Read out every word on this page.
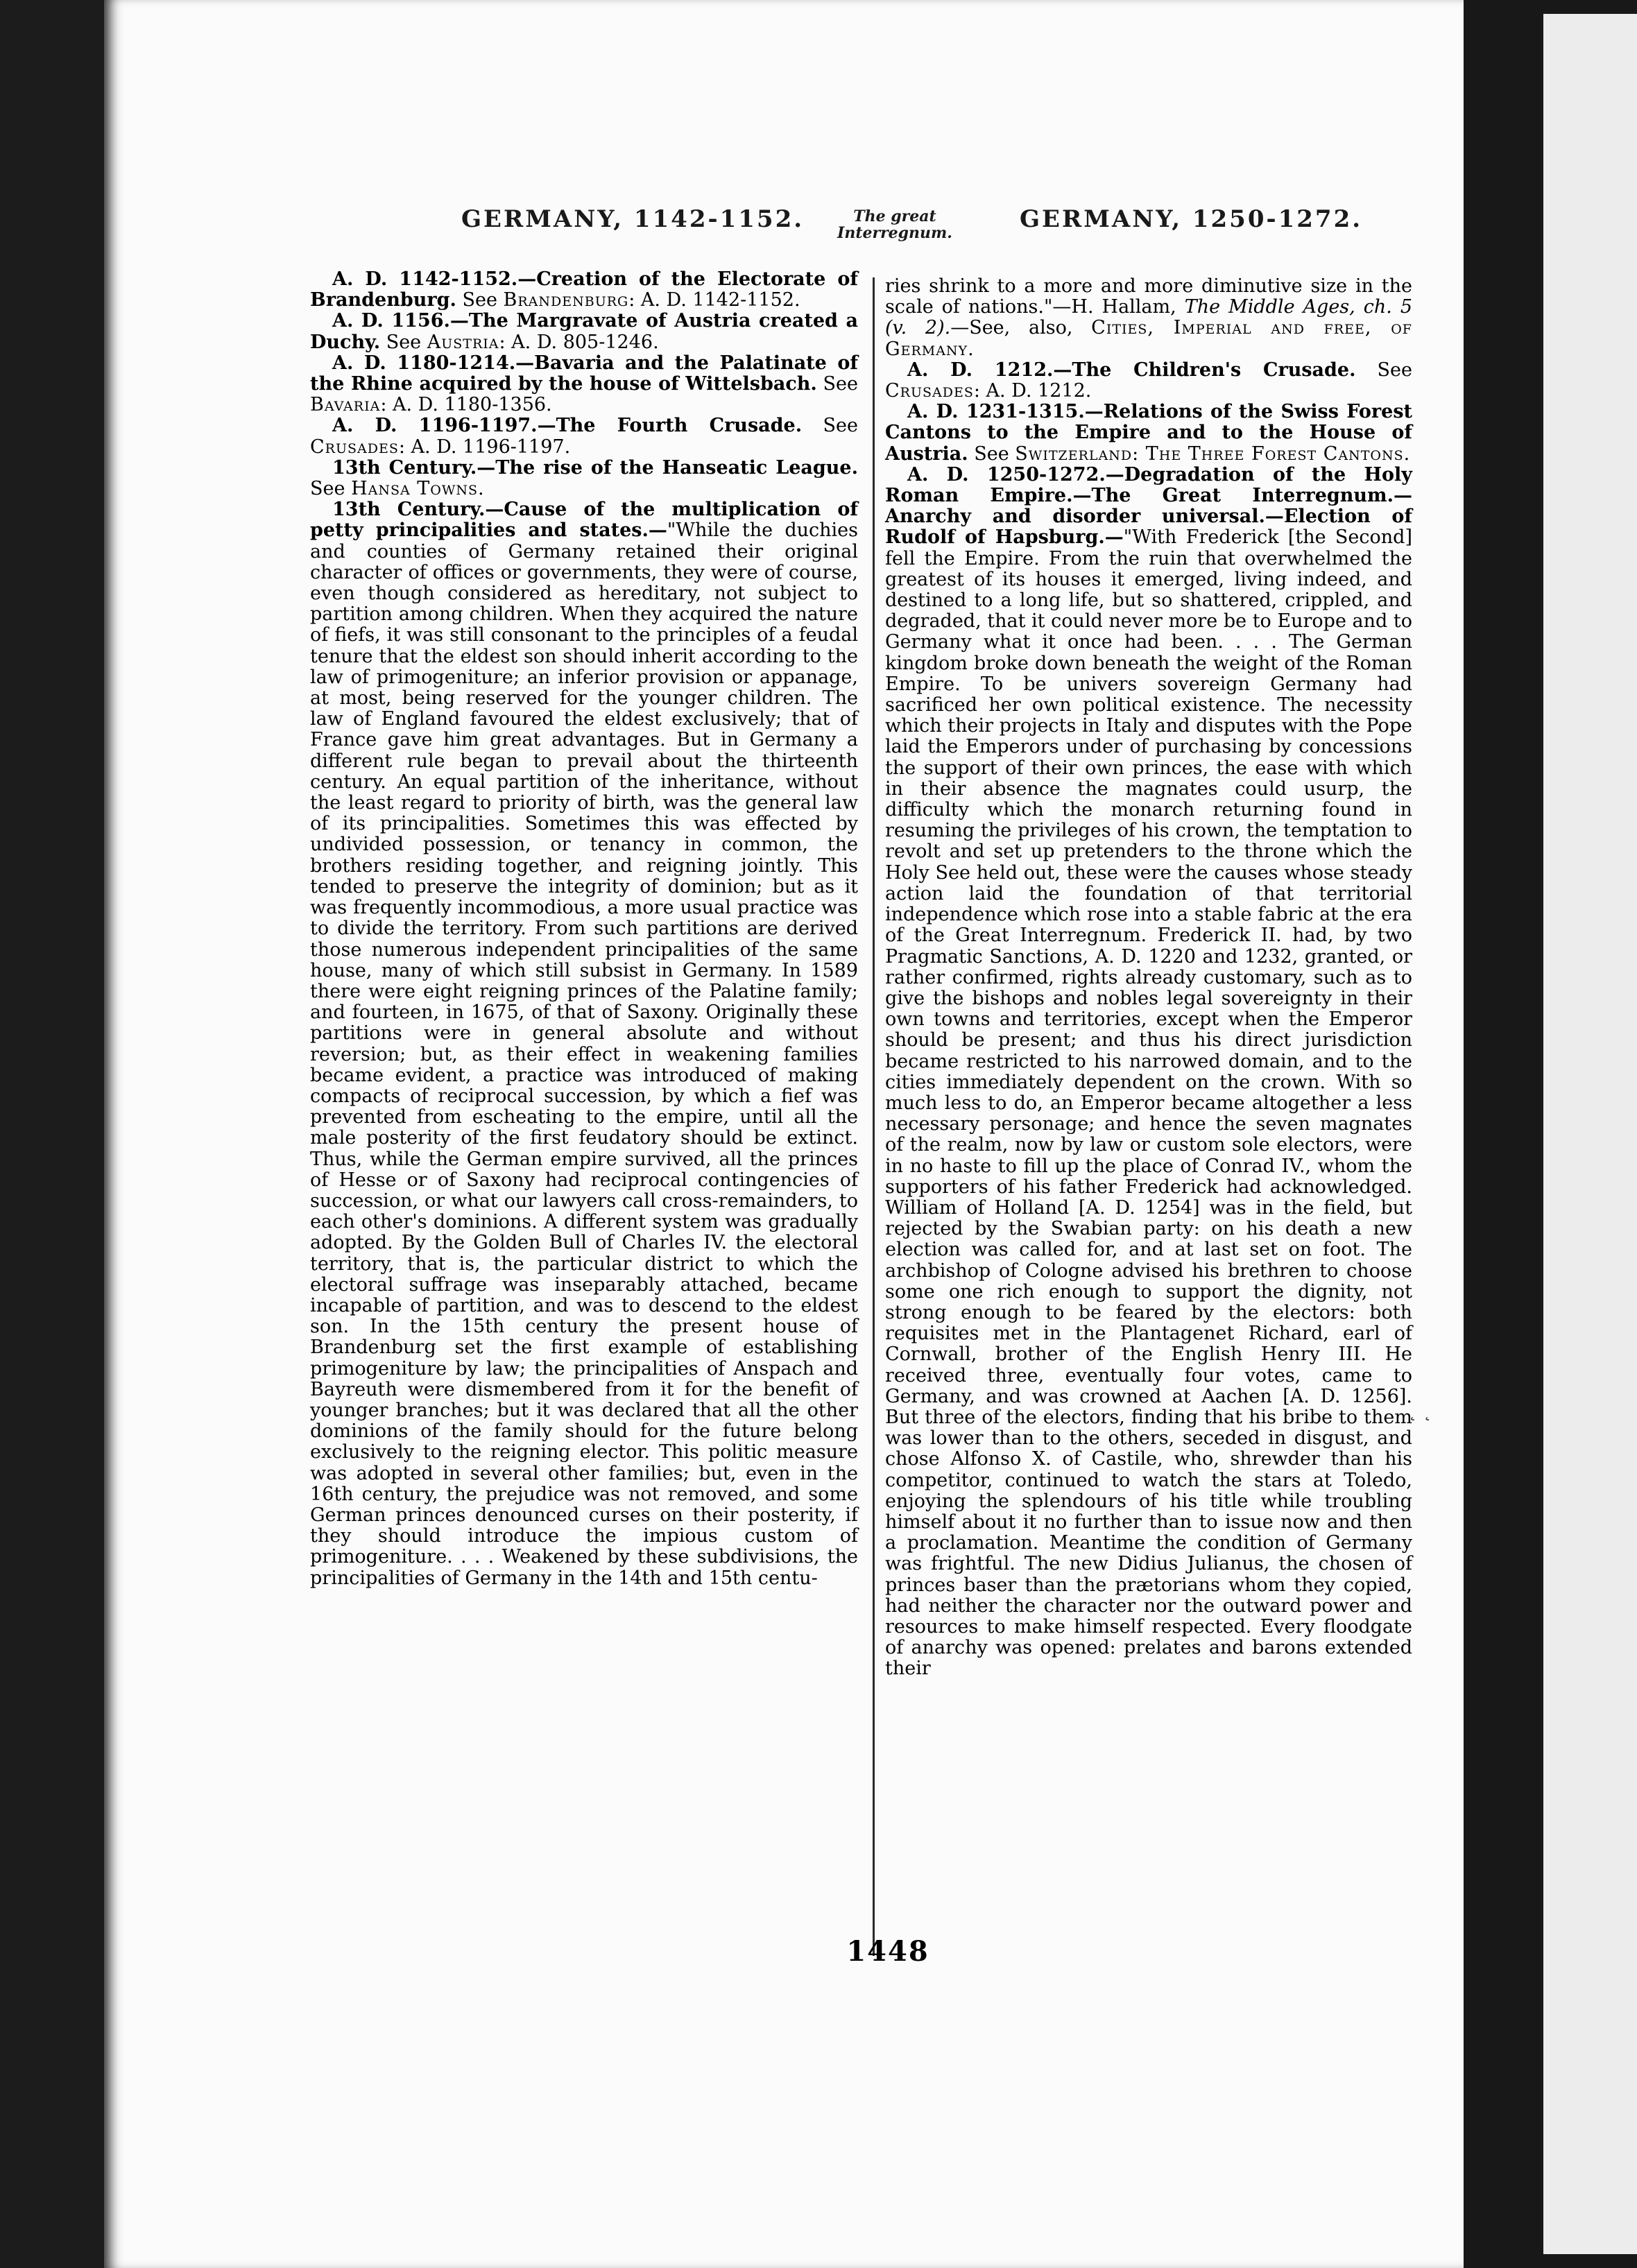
GERMANY, 1142-1152.	The great
Interregnum.	GERMANY, 1250-1272.

A. D. 1142-1152.—Creation of the Electorate of Brandenburg. See Brandenburg: A. D. 1142-1152.

A. D. 1156.—The Margravate of Austria created a Duchy. See Austria: A. D. 805-1246.

A. D. 1180-1214.—Bavaria and the Palatinate of the Rhine acquired by the house of Wittelsbach. See Bavaria: A. D. 1180-1356.

A. D. 1196-1197.—The Fourth Crusade. See Crusades: A. D. 1196-1197.

13th Century.—The rise of the Hanseatic League. See Hansa Towns.

13th Century.—Cause of the multiplication of petty principalities and states.—"While the duchies and counties of Germany retained their original character of offices or governments, they were of course, even though considered as hereditary, not subject to partition among children. When they acquired the nature of fiefs, it was still consonant to the principles of a feudal tenure that the eldest son should inherit according to the law of primogeniture; an inferior provision or appanage, at most, being reserved for the younger children. The law of England favoured the eldest exclusively; that of France gave him great advantages. But in Germany a different rule began to prevail about the thirteenth century. An equal partition of the inheritance, without the least regard to priority of birth, was the general law of its principalities. Sometimes this was effected by undivided possession, or tenancy in common, the brothers residing together, and reigning jointly. This tended to preserve the integrity of dominion; but as it was frequently incommodious, a more usual practice was to divide the territory. From such partitions are derived those numerous independent principalities of the same house, many of which still subsist in Germany. In 1589 there were eight reigning princes of the Palatine family; and fourteen, in 1675, of that of Saxony. Originally these partitions were in general absolute and without reversion; but, as their effect in weakening families became evident, a practice was introduced of making compacts of reciprocal succession, by which a fief was prevented from escheating to the empire, until all the male posterity of the first feudatory should be extinct. Thus, while the German empire survived, all the princes of Hesse or of Saxony had reciprocal contingencies of succession, or what our lawyers call cross-remainders, to each other's dominions. A different system was gradually adopted. By the Golden Bull of Charles IV. the electoral territory, that is, the particular district to which the electoral suffrage was inseparably attached, became incapable of partition, and was to descend to the eldest son. In the 15th century the present house of Brandenburg set the first example of establishing primogeniture by law; the principalities of Anspach and Bayreuth were dismembered from it for the benefit of younger branches; but it was declared that all the other dominions of the family should for the future belong exclusively to the reigning elector. This politic measure was adopted in several other families; but, even in the 16th century, the prejudice was not removed, and some German princes denounced curses on their posterity, if they should introduce the impious custom of primogeniture. . . . Weakened by these subdivisions, the principalities of Germany in the 14th and 15th centu-

ries shrink to a more and more diminutive size in the scale of nations."—H. Hallam, The Middle Ages, ch. 5 (v. 2).—See, also, Cities, Imperial and free, of Germany.

A. D. 1212.—The Children's Crusade. See Crusades: A. D. 1212.

A. D. 1231-1315.—Relations of the Swiss Forest Cantons to the Empire and to the House of Austria. See Switzerland: The Three Forest Cantons.

A. D. 1250-1272.—Degradation of the Holy Roman Empire.—The Great Interregnum.—Anarchy and disorder universal.—Election of Rudolf of Hapsburg.—"With Frederick [the Second] fell the Empire. From the ruin that overwhelmed the greatest of its houses it emerged, living indeed, and destined to a long life, but so shattered, crippled, and degraded, that it could never more be to Europe and to Germany what it once had been. . . . The German kingdom broke down beneath the weight of the Roman Empire. To be univers sovereign Germany had sacrificed her own political existence. The necessity which their projects in Italy and disputes with the Pope laid the Emperors under of purchasing by concessions the support of their own princes, the ease with which in their absence the magnates could usurp, the difficulty which the monarch returning found in resuming the privileges of his crown, the temptation to revolt and set up pretenders to the throne which the Holy See held out, these were the causes whose steady action laid the foundation of that territorial independence which rose into a stable fabric at the era of the Great Interregnum. Frederick II. had, by two Pragmatic Sanctions, A. D. 1220 and 1232, granted, or rather confirmed, rights already customary, such as to give the bishops and nobles legal sovereignty in their own towns and territories, except when the Emperor should be present; and thus his direct jurisdiction became restricted to his narrowed domain, and to the cities immediately dependent on the crown. With so much less to do, an Emperor became altogether a less necessary personage; and hence the seven magnates of the realm, now by law or custom sole electors, were in no haste to fill up the place of Conrad IV., whom the supporters of his father Frederick had acknowledged. William of Holland [A. D. 1254] was in the field, but rejected by the Swabian party: on his death a new election was called for, and at last set on foot. The archbishop of Cologne advised his brethren to choose some one rich enough to support the dignity, not strong enough to be feared by the electors: both requisites met in the Plantagenet Richard, earl of Cornwall, brother of the English Henry III. He received three, eventually four votes, came to Germany, and was crowned at Aachen [A. D. 1256]. But three of the electors, finding that his bribe to them was lower than to the others, seceded in disgust, and chose Alfonso X. of Castile, who, shrewder than his competitor, continued to watch the stars at Toledo, enjoying the splendours of his title while troubling himself about it no further than to issue now and then a proclamation. Meantime the condition of Germany was frightful. The new Didius Julianus, the chosen of princes baser than the prætorians whom they copied, had neither the character nor the outward power and resources to make himself respected. Every floodgate of anarchy was opened: prelates and barons extended their

1448
˛ ˛
